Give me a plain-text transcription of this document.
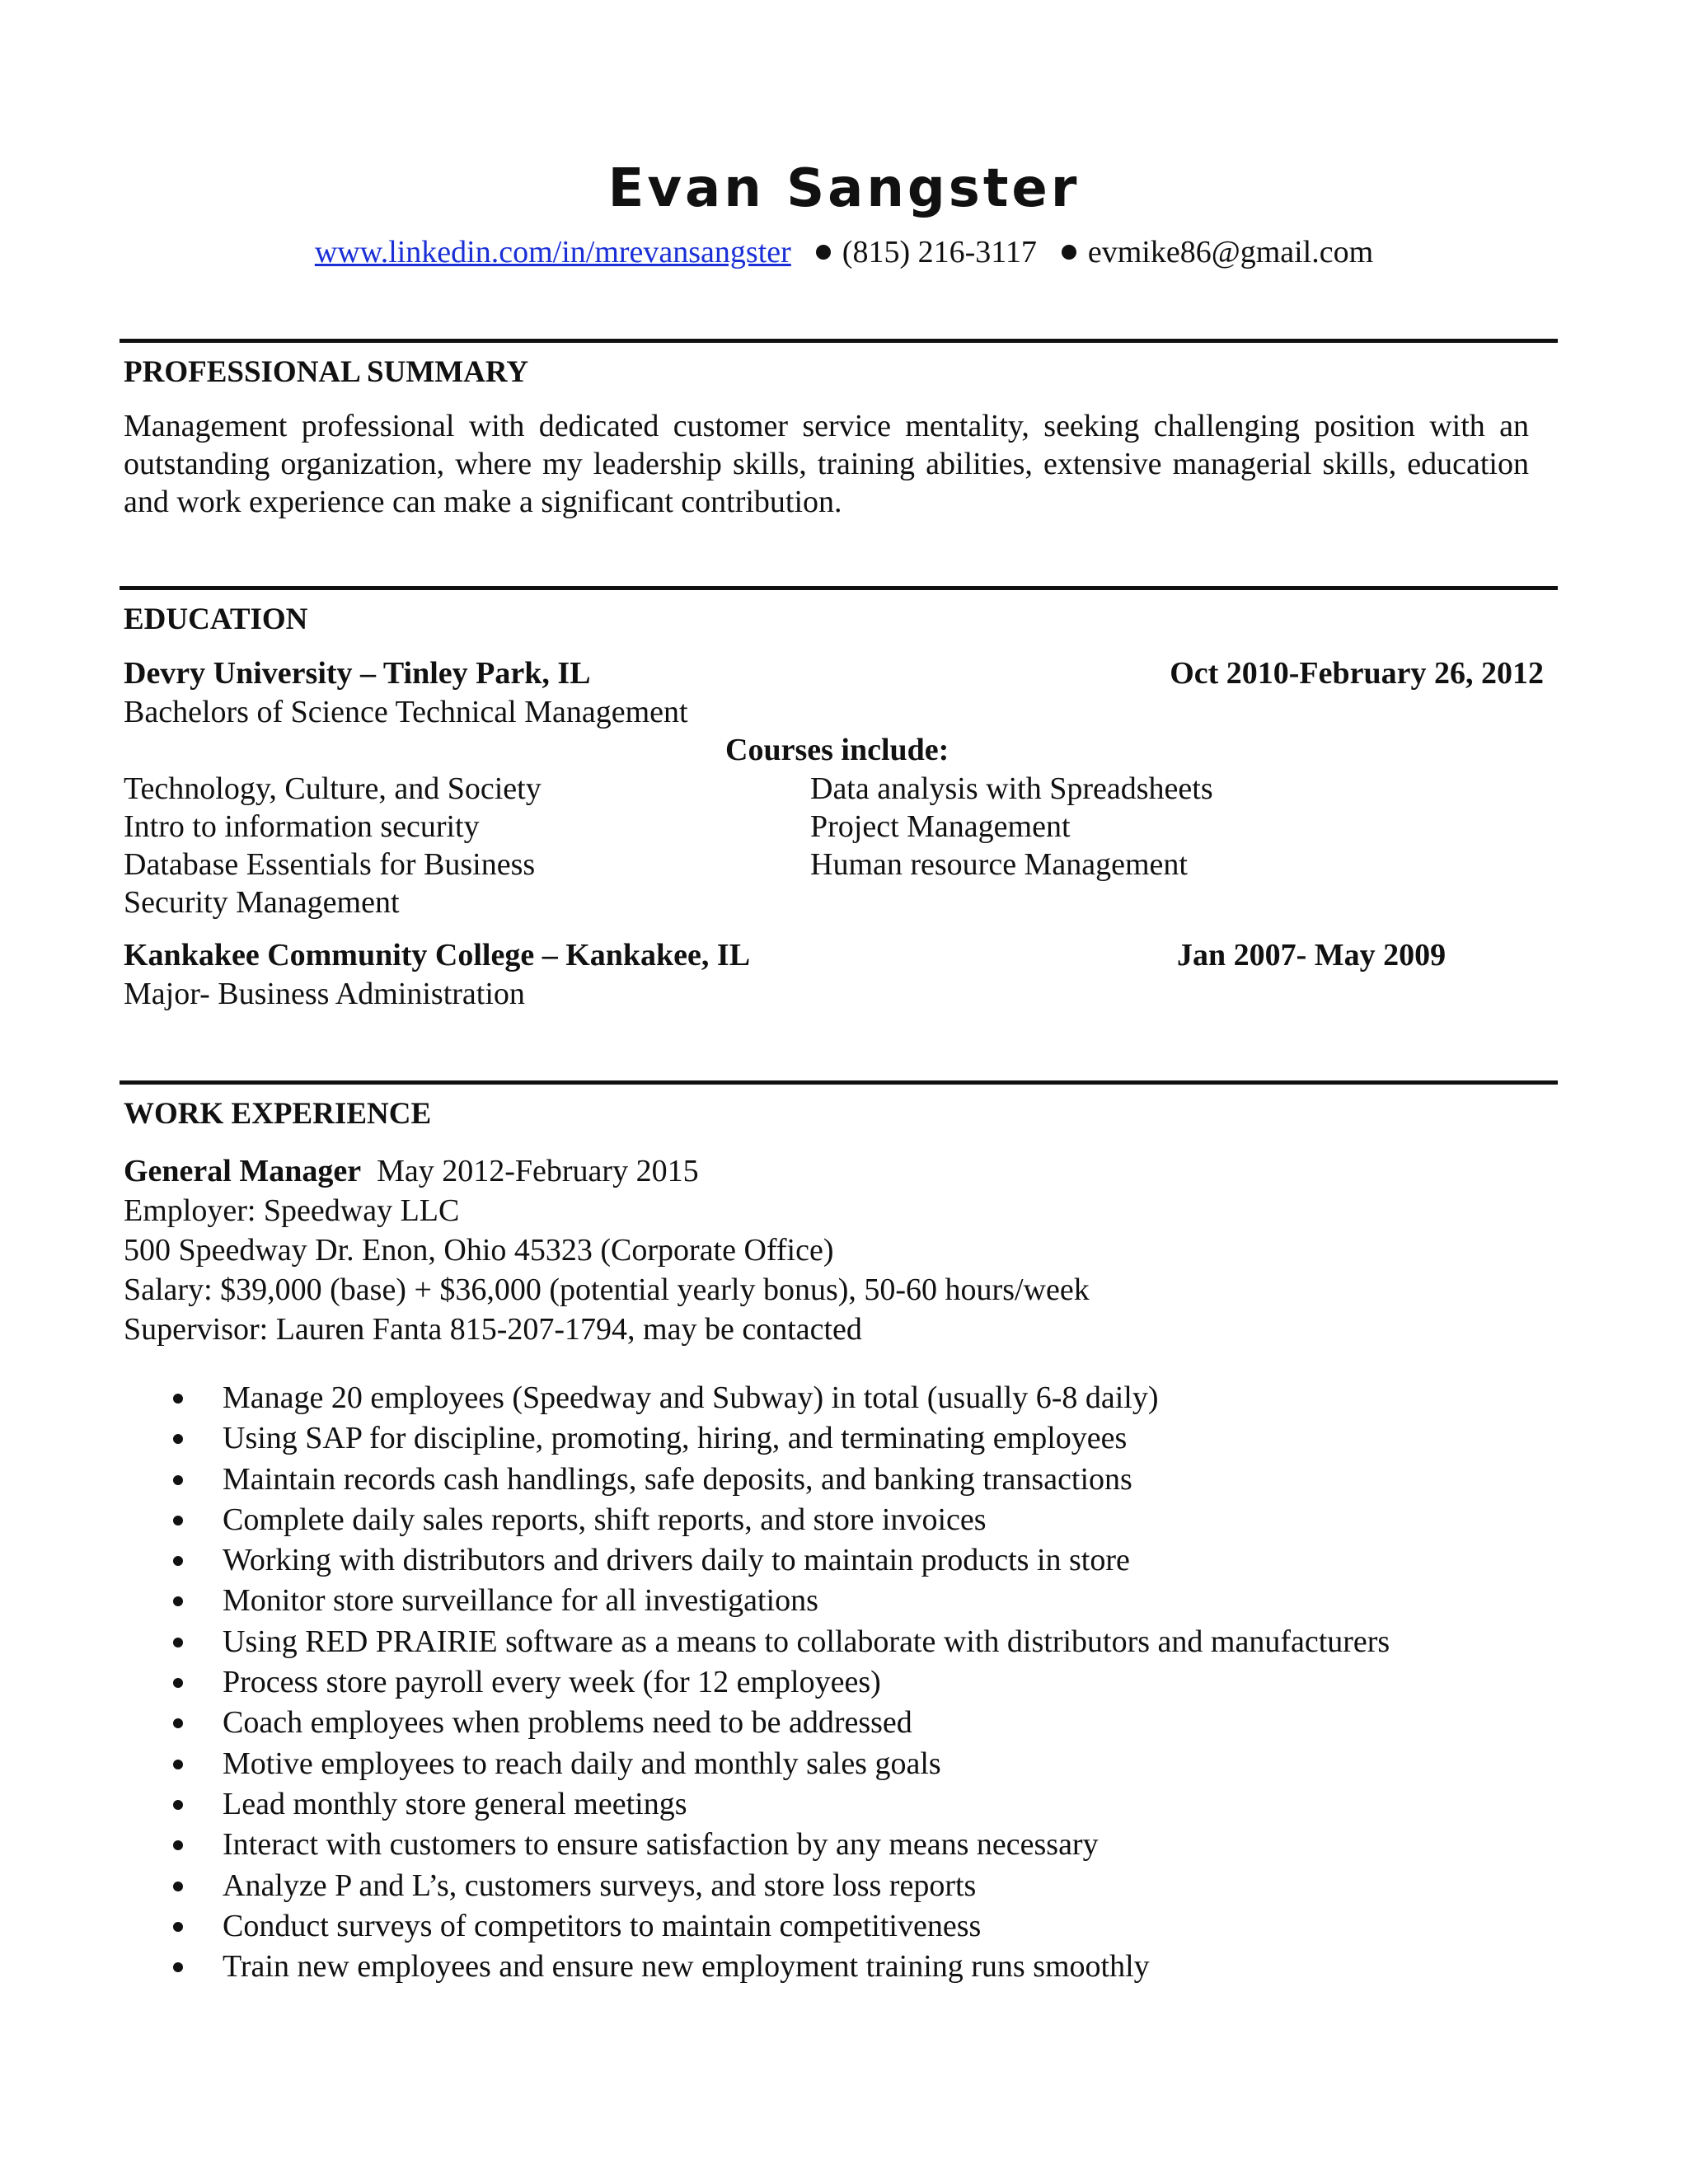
Evan Sangster
www.linkedin.com/in/mrevansangster (815) 216-3117 evmike86@gmail.com
PROFESSIONAL SUMMARY
Management professional with dedicated customer service mentality, seeking challenging position with an outstanding organization, where my leadership skills, training abilities, extensive managerial skills, education and work experience can make a significant contribution.
EDUCATION
Devry University – Tinley Park, IL	Oct 2010-February 26, 2012
Bachelors of Science Technical Management
Courses include:
Technology, Culture, and Society
Intro to information security
Database Essentials for Business
Security Management
Data analysis with Spreadsheets
Project Management
Human resource Management
Kankakee Community College – Kankakee, IL	Jan 2007- May 2009
Major- Business Administration
WORK EXPERIENCE
General Manager May 2012-February 2015
Employer: Speedway LLC
500 Speedway Dr. Enon, Ohio 45323 (Corporate Office)
Salary: $39,000 (base) + $36,000 (potential yearly bonus), 50-60 hours/week
Supervisor: Lauren Fanta 815-207-1794, may be contacted
Manage 20 employees (Speedway and Subway) in total (usually 6-8 daily)
Using SAP for discipline, promoting, hiring, and terminating employees
Maintain records cash handlings, safe deposits, and banking transactions
Complete daily sales reports, shift reports, and store invoices
Working with distributors and drivers daily to maintain products in store
Monitor store surveillance for all investigations
Using RED PRAIRIE software as a means to collaborate with distributors and manufacturers
Process store payroll every week (for 12 employees)
Coach employees when problems need to be addressed
Motive employees to reach daily and monthly sales goals
Lead monthly store general meetings
Interact with customers to ensure satisfaction by any means necessary
Analyze P and L’s, customers surveys, and store loss reports
Conduct surveys of competitors to maintain competitiveness
Train new employees and ensure new employment training runs smoothly
